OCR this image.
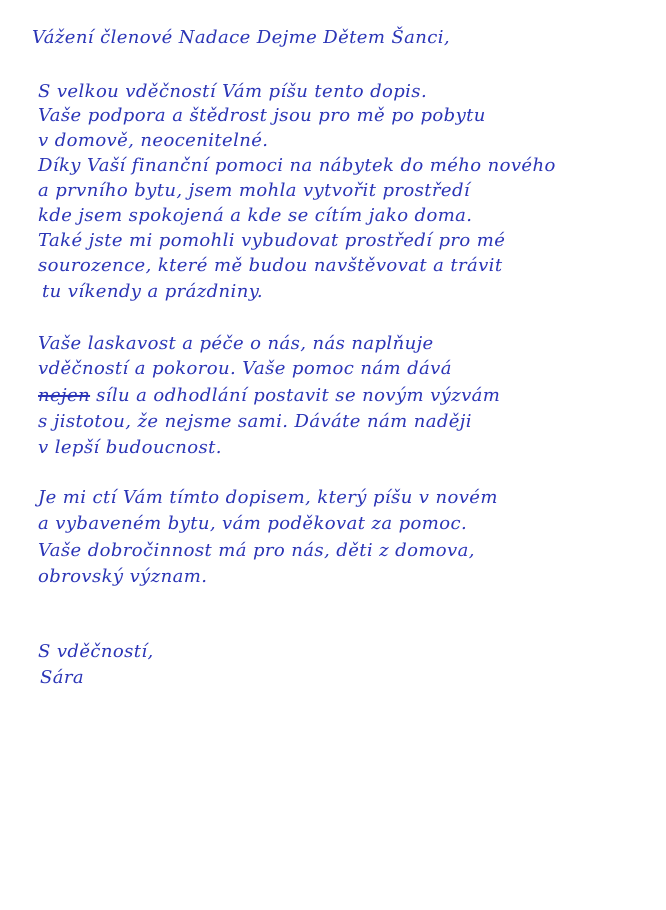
Vážení členové Nadace Dejme Dětem Šanci,
S velkou vděčností Vám píšu tento dopis.
Vaše podpora a štědrost jsou pro mě po pobytu
v domově, neocenitelné.
Díky Vaší finanční pomoci na nábytek do mého nového
a prvního bytu, jsem mohla vytvořit prostředí
kde jsem spokojená a kde se cítím jako doma.
Také jste mi pomohli vybudovat prostředí pro mé
sourozence, které mě budou navštěvovat a trávit
tu víkendy a prázdniny.
Vaše laskavost a péče o nás, nás naplňuje
vděčností a pokorou. Vaše pomoc nám dává
nejen sílu a odhodlání postavit se novým výzvám
s jistotou, že nejsme sami. Dáváte nám naději
v lepší budoucnost.
Je mi ctí Vám tímto dopisem, který píšu v novém
a vybaveném bytu, vám poděkovat za pomoc.
Vaše dobročinnost má pro nás, děti z domova,
obrovský význam.
S vděčností,
Sára
